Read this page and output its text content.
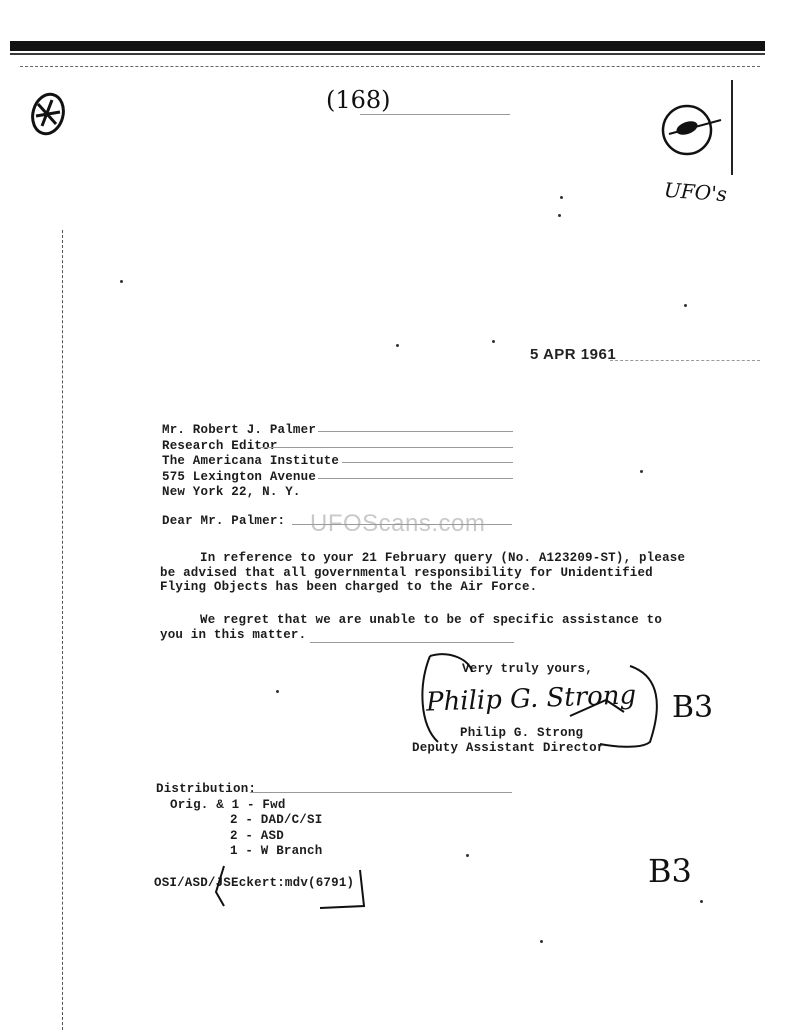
(168)
UFO's
5 APR 1961
Mr. Robert J. Palmer
Research Editor
The Americana Institute
575 Lexington Avenue
New York 22, N. Y.
UFOScans.com
Dear Mr. Palmer:
In reference to your 21 February query (No. A123209-ST), please
be advised that all governmental responsibility for Unidentified
Flying Objects has been charged to the Air Force.
We regret that we are unable to be of specific assistance to
you in this matter.
Very truly yours,
Philip G. Strong
Philip G. Strong
Deputy Assistant Director
B3
Distribution:
Orig. & 1 - Fwd
2 - DAD/C/SI
2 - ASD
1 - W Branch
OSI/ASD/JSEckert:mdv(6791)	B3
